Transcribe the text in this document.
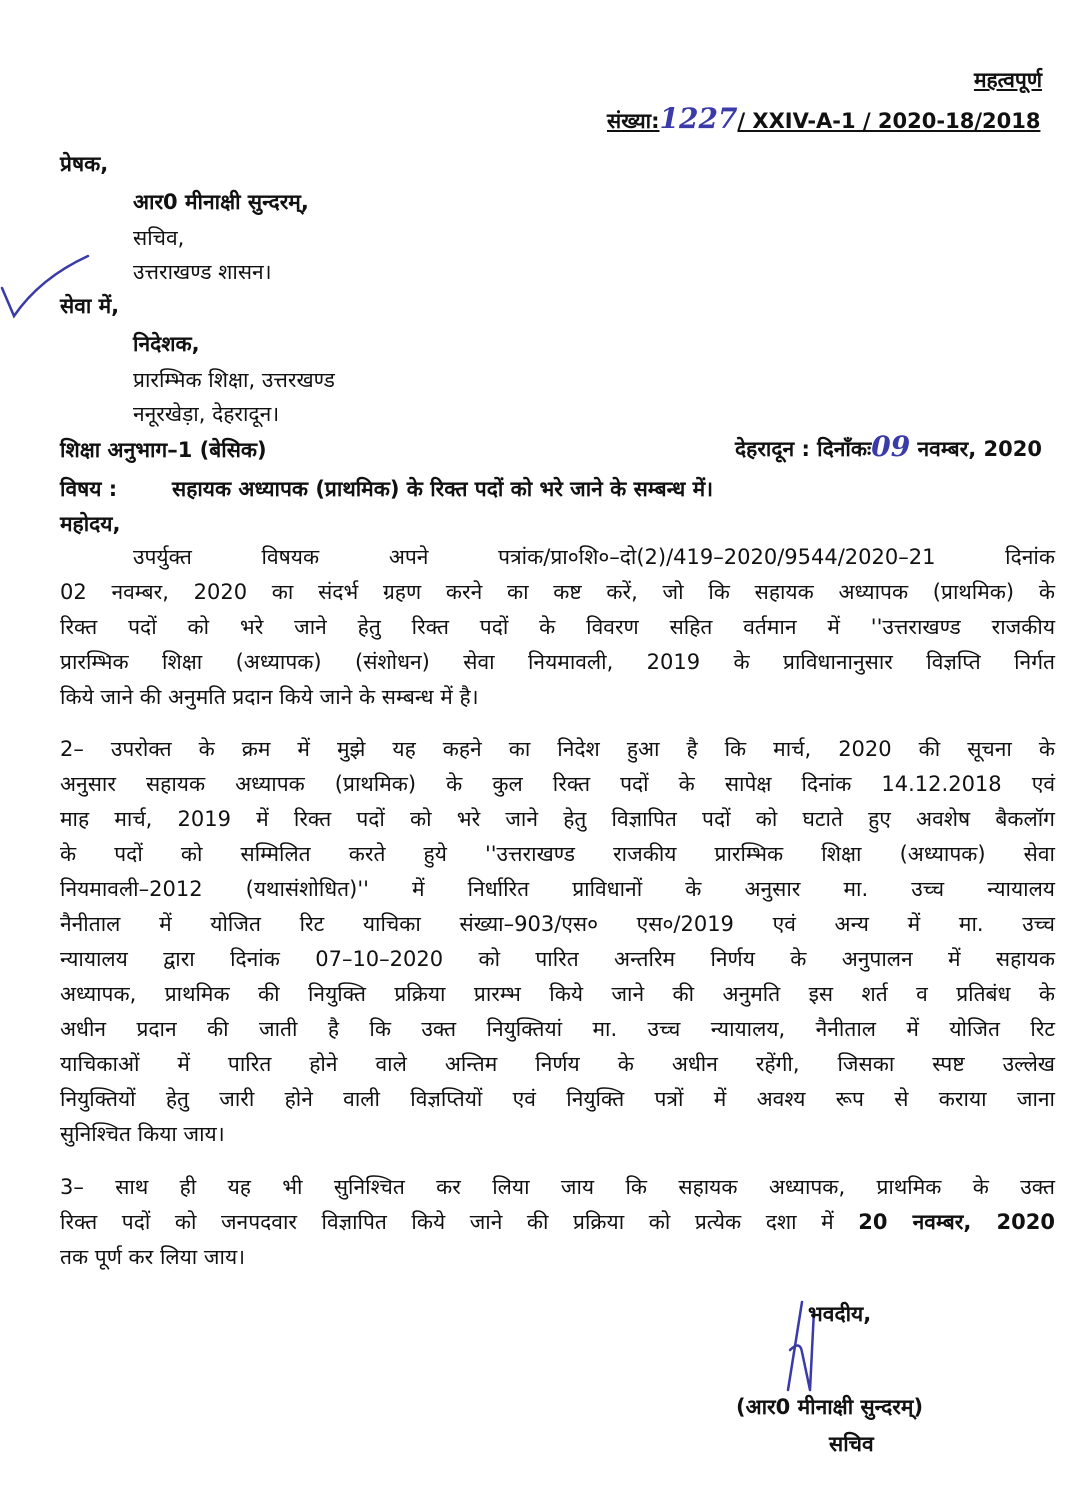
महत्वपूर्ण
संख्या:1227/ XXIV-A-1 / 2020-18/2018
प्रेषक,
आर0 मीनाक्षी सुन्दरम्,
सचिव,
उत्तराखण्ड शासन।
सेवा में,
निदेशक,
प्रारम्भिक शिक्षा, उत्तरखण्ड
ननूरखेड़ा, देहरादून।
शिक्षा अनुभाग–1 (बेसिक)	देहरादून : दिनाँकः09 नवम्बर, 2020
विषय :	सहायक अध्यापक (प्राथमिक) के रिक्त पदों को भरे जाने के सम्बन्ध में।
महोदय,
उपर्युक्त विषयक अपने पत्रांक/प्रा०शि०–दो(2)/419–2020/9544/2020–21 दिनांक
02 नवम्बर, 2020 का संदर्भ ग्रहण करने का कष्ट करें, जो कि सहायक अध्यापक (प्राथमिक) के
रिक्त पदों को भरे जाने हेतु रिक्त पदों के विवरण सहित वर्तमान में ''उत्तराखण्ड राजकीय
प्रारम्भिक शिक्षा (अध्यापक) (संशोधन) सेवा नियमावली, 2019 के प्राविधानानुसार विज्ञप्ति निर्गत
किये जाने की अनुमति प्रदान किये जाने के सम्बन्ध में है।
2– उपरोक्त के क्रम में मुझे यह कहने का निदेश हुआ है कि मार्च, 2020 की सूचना के
अनुसार सहायक अध्यापक (प्राथमिक) के कुल रिक्त पदों के सापेक्ष दिनांक 14.12.2018 एवं
माह मार्च, 2019 में रिक्त पदों को भरे जाने हेतु विज्ञापित पदों को घटाते हुए अवशेष बैकलॉग
के पदों को सम्मिलित करते हुये ''उत्तराखण्ड राजकीय प्रारम्भिक शिक्षा (अध्यापक) सेवा
नियमावली–2012 (यथासंशोधित)'' में निर्धारित प्राविधानों के अनुसार मा. उच्च न्यायालय
नैनीताल में योजित रिट याचिका संख्या–903/एस० एस०/2019 एवं अन्य में मा. उच्च
न्यायालय द्वारा दिनांक 07–10–2020 को पारित अन्तरिम निर्णय के अनुपालन में सहायक
अध्यापक, प्राथमिक की नियुक्ति प्रक्रिया प्रारम्भ किये जाने की अनुमति इस शर्त व प्रतिबंध के
अधीन प्रदान की जाती है कि उक्त नियुक्तियां मा. उच्च न्यायालय, नैनीताल में योजित रिट
याचिकाओं में पारित होने वाले अन्तिम निर्णय के अधीन रहेंगी, जिसका स्पष्ट उल्लेख
नियुक्तियों हेतु जारी होने वाली विज्ञप्तियों एवं नियुक्ति पत्रों में अवश्य रूप से कराया जाना
सुनिश्चित किया जाय।
3– साथ ही यह भी सुनिश्चित कर लिया जाय कि सहायक अध्यापक, प्राथमिक के उक्त
रिक्त पदों को जनपदवार विज्ञापित किये जाने की प्रक्रिया को प्रत्येक दशा में 20 नवम्बर, 2020
तक पूर्ण कर लिया जाय।
भवदीय,
(आर0 मीनाक्षी सुन्दरम्)
सचिव
